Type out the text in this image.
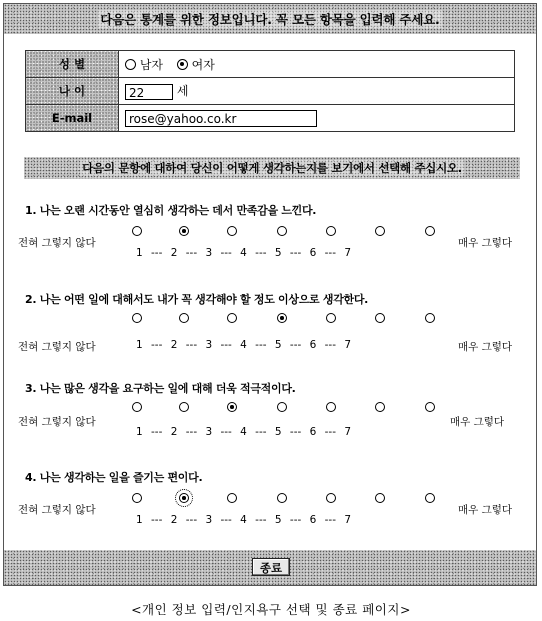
다음은 통계를 위한 정보입니다. 꼭 모든 항목을 입력해 주세요.
성 별	남자 여자
나 이	22 세
E-mail	rose@yahoo.co.kr
다음의 문항에 대하여 당신이 어떻게 생각하는지를 보기에서 선택해 주십시오.
1. 나는 오랜 시간동안 열심히 생각하는 데서 만족감을 느낀다.
전혀 그렇지 않다	매우 그렇다
1 --- 2 --- 3 --- 4 --- 5 --- 6 --- 7
2. 나는 어떤 일에 대해서도 내가 꼭 생각해야 할 정도 이상으로 생각한다.
전혀 그렇지 않다	매우 그렇다
1 --- 2 --- 3 --- 4 --- 5 --- 6 --- 7
3. 나는 많은 생각을 요구하는 일에 대해 더욱 적극적이다.
전혀 그렇지 않다	매우 그렇다
1 --- 2 --- 3 --- 4 --- 5 --- 6 --- 7
4. 나는 생각하는 일을 즐기는 편이다.
전혀 그렇지 않다	매우 그렇다
1 --- 2 --- 3 --- 4 --- 5 --- 6 --- 7
종료
<개인 정보 입력/인지욕구 선택 및 종료 페이지>
